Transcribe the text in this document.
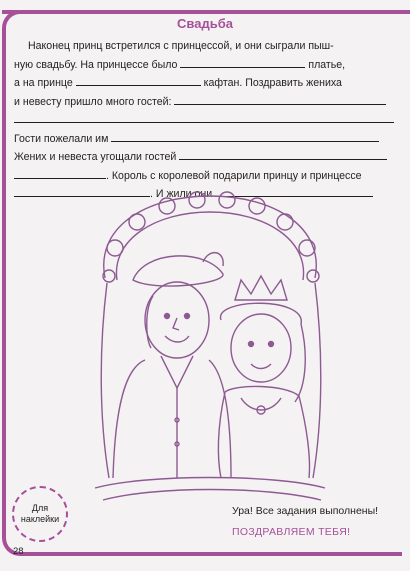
Свадьба
Наконец принц встретился с принцессой, и они сыграли пыш-
ную свадьбу. На принцессе было	платье,
а на принце	кафтан. Поздравить жениха
и невесту пришло много гостей:
Гости пожелали им
Жених и невеста угощали гостей
. Король с королевой подарили принцу и принцессе
. И жили они
Для наклейки
Ура! Все задания выполнены!
ПОЗДРАВЛЯЕМ ТЕБЯ!
28
